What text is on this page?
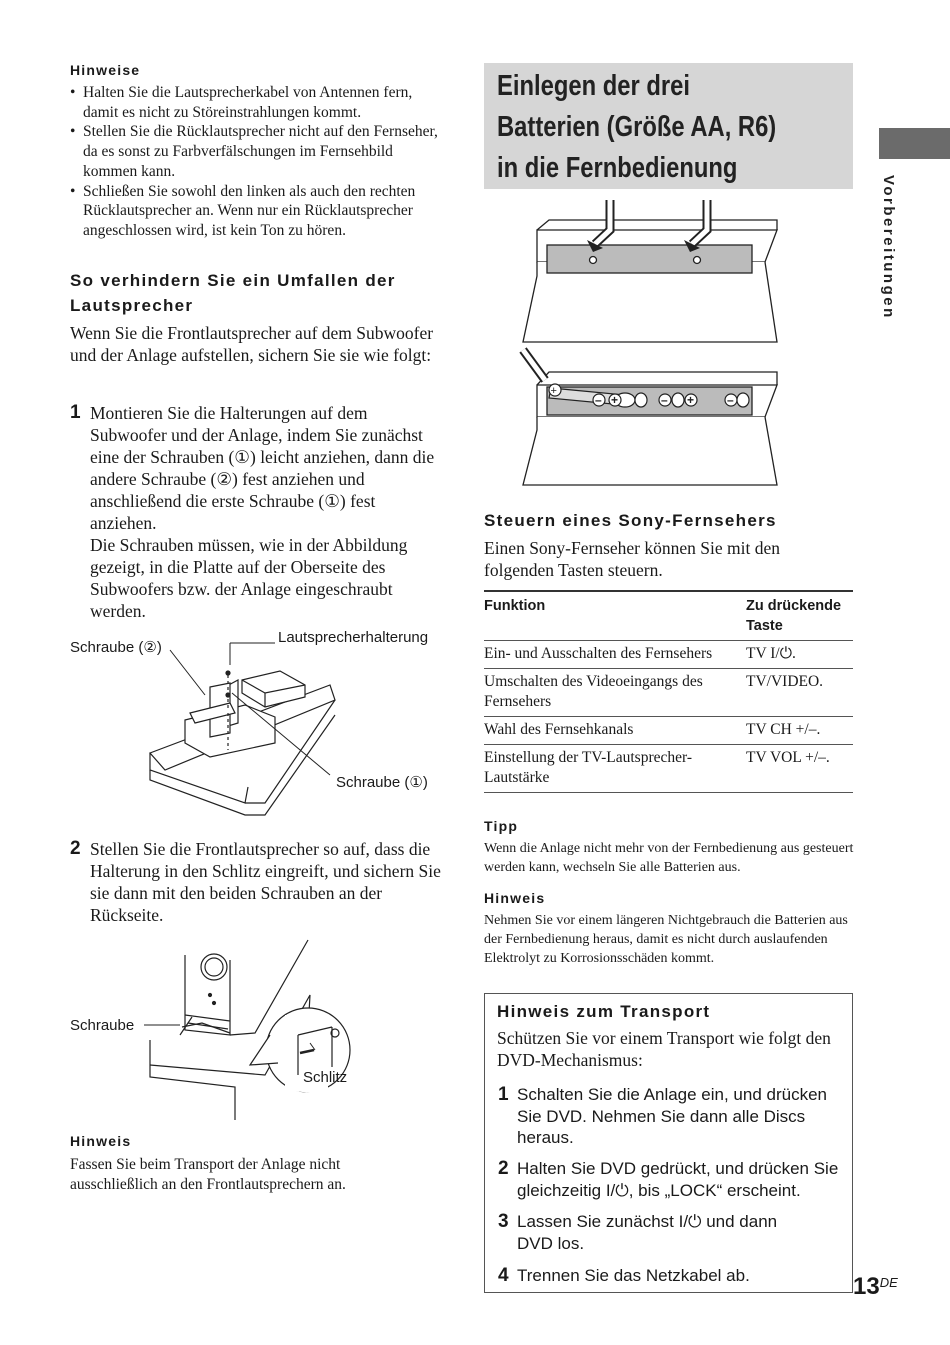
Hinweise
• Halten Sie die Lautsprecherkabel von Antennen fern, damit es nicht zu Störeinstrahlungen kommt.
• Stellen Sie die Rücklautsprecher nicht auf den Fernseher, da es sonst zu Farbverfälschungen im Fernsehbild kommen kann.
• Schließen Sie sowohl den linken als auch den rechten Rücklautsprecher an. Wenn nur ein Rücklautsprecher angeschlossen wird, ist kein Ton zu hören.
So verhindern Sie ein Umfallen der
Lautsprecher
Wenn Sie die Frontlautsprecher auf dem Subwoofer und der Anlage aufstellen, sichern Sie sie wie folgt:
1 Montieren Sie die Halterungen auf dem Subwoofer und der Anlage, indem Sie zunächst eine der Schrauben (①) leicht anziehen, dann die andere Schraube (②) fest anziehen und anschließend die erste Schraube (①) fest anziehen.
Die Schrauben müssen, wie in der Abbildung gezeigt, in die Platte auf der Oberseite des Subwoofers bzw. der Anlage eingeschraubt werden.
Schraube (②)
Lautsprecherhalterung
Schraube (①)
2 Stellen Sie die Frontlautsprecher so auf, dass die Halterung in den Schlitz eingreift, und sichern Sie sie dann mit den beiden Schrauben an der Rückseite.
Schraube
Schlitz
Hinweis
Fassen Sie beim Transport der Anlage nicht ausschließlich an den Frontlautsprechern an.
Einlegen der drei
Batterien (Größe AA, R6)
in die Fernbedienung
+
– +	– +	–
Steuern eines Sony-Fernsehers
Einen Sony-Fernseher können Sie mit den folgenden Tasten steuern.
Funktion	Zu drückende Taste
Ein- und Ausschalten des Fernsehers	TV I/⏻.
Umschalten des Videoeingangs des Fernsehers	TV/VIDEO.
Wahl des Fernsehkanals	TV CH +/–.
Einstellung der TV-Lautsprecher-Lautstärke	TV VOL +/–.
Tipp
Wenn die Anlage nicht mehr von der Fernbedienung aus gesteuert werden kann, wechseln Sie alle Batterien aus.
Hinweis
Nehmen Sie vor einem längeren Nichtgebrauch die Batterien aus der Fernbedienung heraus, damit es nicht durch auslaufenden Elektrolyt zu Korrosionsschäden kommt.
Hinweis zum Transport
Schützen Sie vor einem Transport wie folgt den DVD-Mechanismus:
1 Schalten Sie die Anlage ein, und drücken Sie DVD. Nehmen Sie dann alle Discs heraus.
2 Halten Sie DVD gedrückt, und drücken Sie gleichzeitig I/⏻, bis „LOCK“ erscheint.
3 Lassen Sie zunächst I/⏻ und dann DVD los.
4 Trennen Sie das Netzkabel ab.
Vorbereitungen
13DE
